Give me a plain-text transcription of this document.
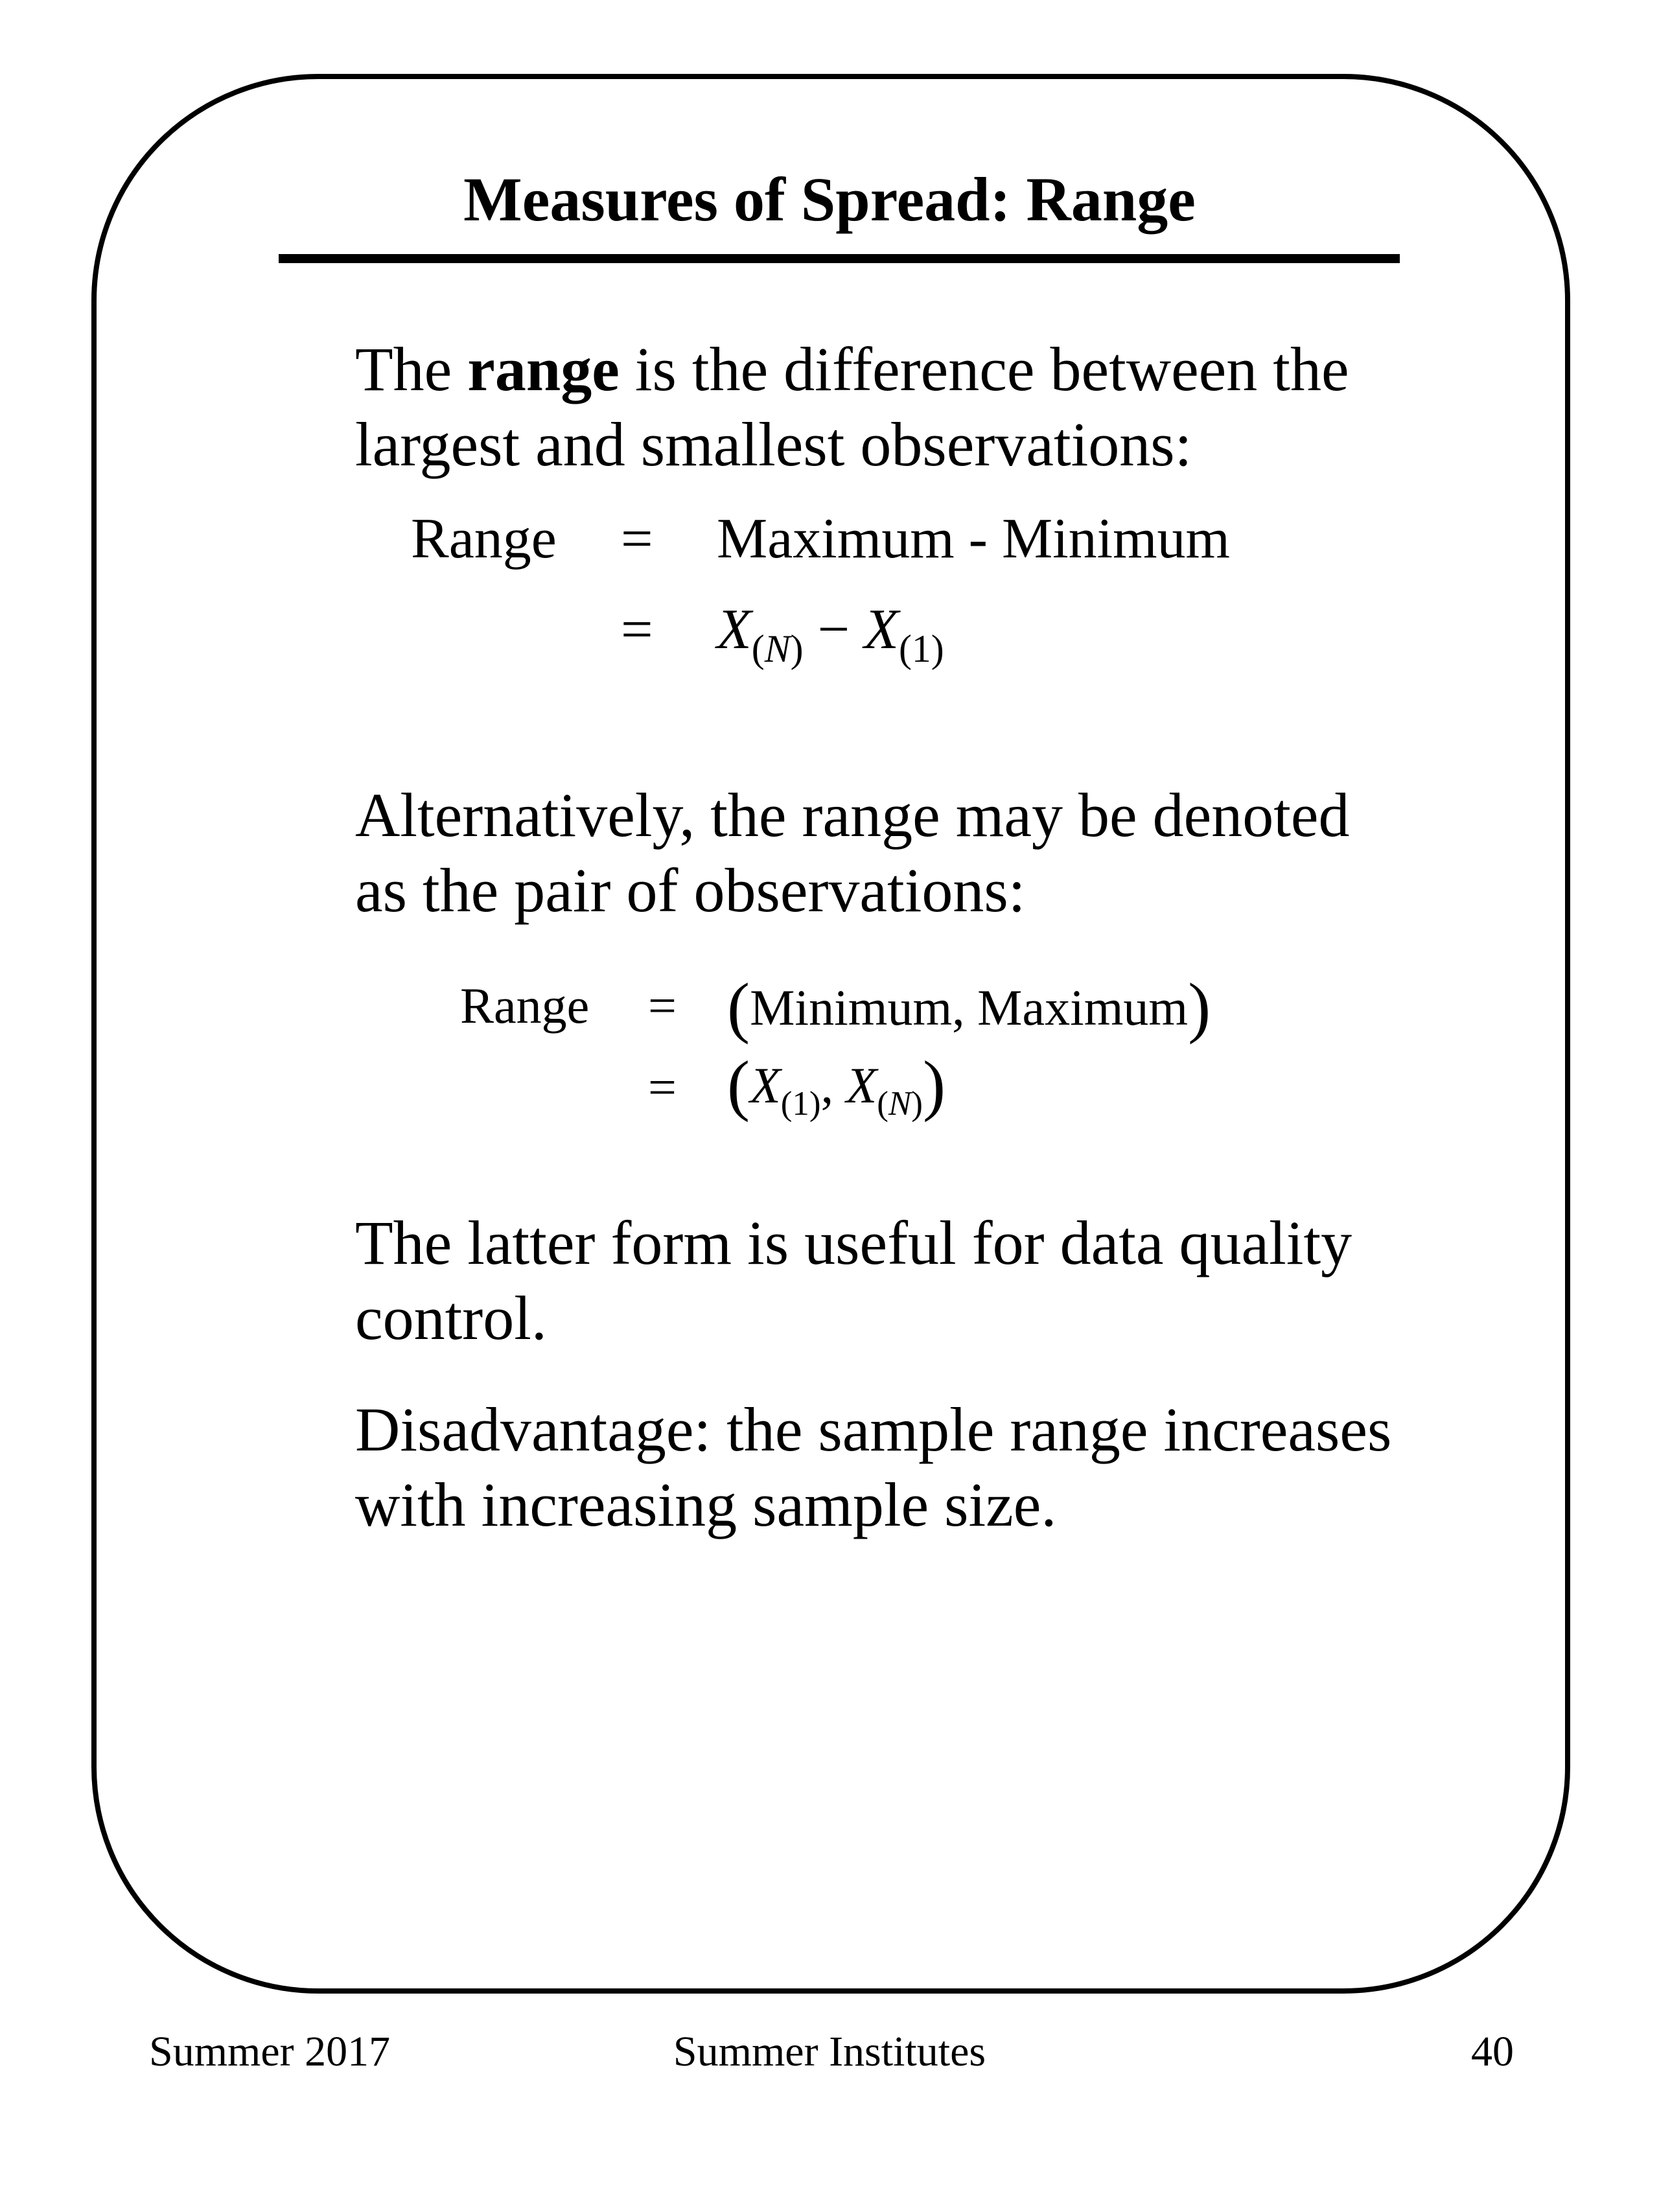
Measures of Spread: Range
The range is the difference between the
largest and smallest observations:
Range = Maximum - Minimum
= $X_{(N)} - X_{(1)}$
Alternatively, the range may be denoted
as the pair of observations:
Range = (Minimum, Maximum)
= ($X_{(1)}$, $X_{(N)}$)
The latter form is useful for data quality
control.
Disadvantage: the sample range increases
with increasing sample size.
Summer 2017	Summer Institutes	40
